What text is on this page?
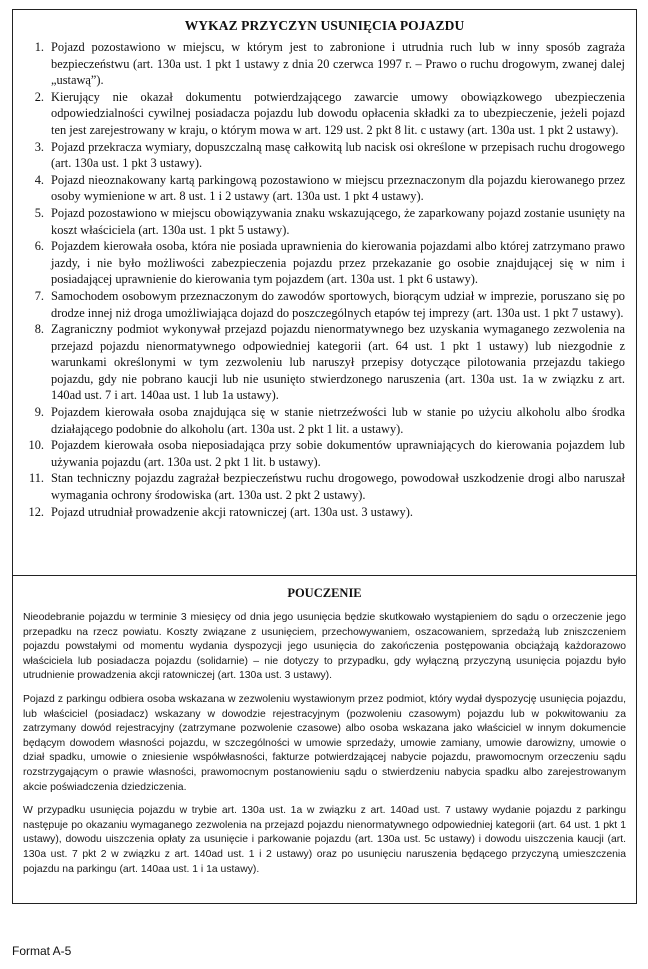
WYKAZ PRZYCZYN USUNIĘCIA POJAZDU
1. Pojazd pozostawiono w miejscu, w którym jest to zabronione i utrudnia ruch lub w inny sposób zagraża bezpieczeństwu (art. 130a ust. 1 pkt 1 ustawy z dnia 20 czerwca 1997 r. – Prawo o ruchu drogowym, zwanej dalej „ustawą”).
2. Kierujący nie okazał dokumentu potwierdzającego zawarcie umowy obowiązkowego ubezpieczenia odpowiedzialności cywilnej posiadacza pojazdu lub dowodu opłacenia składki za to ubezpieczenie, jeżeli pojazd ten jest zarejestrowany w kraju, o którym mowa w art. 129 ust. 2 pkt 8 lit. c ustawy (art. 130a ust. 1 pkt 2 ustawy).
3. Pojazd przekracza wymiary, dopuszczalną masę całkowitą lub nacisk osi określone w przepisach ruchu drogowego (art. 130a ust. 1 pkt 3 ustawy).
4. Pojazd nieoznakowany kartą parkingową pozostawiono w miejscu przeznaczonym dla pojazdu kierowanego przez osoby wymienione w art. 8 ust. 1 i 2 ustawy (art. 130a ust. 1 pkt 4 ustawy).
5. Pojazd pozostawiono w miejscu obowiązywania znaku wskazującego, że zaparkowany pojazd zostanie usunięty na koszt właściciela (art. 130a ust. 1 pkt 5 ustawy).
6. Pojazdem kierowała osoba, która nie posiada uprawnienia do kierowania pojazdami albo której zatrzymano prawo jazdy, i nie było możliwości zabezpieczenia pojazdu przez przekazanie go osobie znajdującej się w nim i posiadającej uprawnienie do kierowania tym pojazdem (art. 130a ust. 1 pkt 6 ustawy).
7. Samochodem osobowym przeznaczonym do zawodów sportowych, biorącym udział w imprezie, poruszano się po drodze innej niż droga umożliwiająca dojazd do poszczególnych etapów tej imprezy (art. 130a ust. 1 pkt 7 ustawy).
8. Zagraniczny podmiot wykonywał przejazd pojazdu nienormatywnego bez uzyskania wymaganego zezwolenia na przejazd pojazdu nienormatywnego odpowiedniej kategorii (art. 64 ust. 1 pkt 1 ustawy) lub niezgodnie z warunkami określonymi w tym zezwoleniu lub naruszył przepisy dotyczące pilotowania przejazdu takiego pojazdu, gdy nie pobrano kaucji lub nie usunięto stwierdzonego naruszenia (art. 130a ust. 1a w związku z art. 140ad ust. 7 i art. 140aa ust. 1 lub 1a ustawy).
9. Pojazdem kierowała osoba znajdująca się w stanie nietrzeźwości lub w stanie po użyciu alkoholu albo środka działającego podobnie do alkoholu (art. 130a ust. 2 pkt 1 lit. a ustawy).
10. Pojazdem kierowała osoba nieposiadająca przy sobie dokumentów uprawniających do kierowania pojazdem lub używania pojazdu (art. 130a ust. 2 pkt 1 lit. b ustawy).
11. Stan techniczny pojazdu zagrażał bezpieczeństwu ruchu drogowego, powodował uszkodzenie drogi albo naruszał wymagania ochrony środowiska (art. 130a ust. 2 pkt 2 ustawy).
12. Pojazd utrudniał prowadzenie akcji ratowniczej (art. 130a ust. 3 ustawy).
POUCZENIE

Nieodebranie pojazdu w terminie 3 miesięcy od dnia jego usunięcia będzie skutkowało wystąpieniem do sądu o orzeczenie jego przepadku na rzecz powiatu. Koszty związane z usunięciem, przechowywaniem, oszacowaniem, sprzedażą lub zniszczeniem pojazdu powstałymi od momentu wydania dyspozycji jego usunięcia do zakończenia postępowania obciążają każdorazowo właściciela lub posiadacza pojazdu (solidarnie) – nie dotyczy to przypadku, gdy wyłączną przyczyną usunięcia pojazdu było utrudnienie prowadzenia akcji ratowniczej (art. 130a ust. 3 ustawy).

Pojazd z parkingu odbiera osoba wskazana w zezwoleniu wystawionym przez podmiot, który wydał dyspozycję usunięcia pojazdu, lub właściciel (posiadacz) wskazany w dowodzie rejestracyjnym (pozwoleniu czasowym) pojazdu lub w pokwitowaniu za zatrzymany dowód rejestracyjny (zatrzymane pozwolenie czasowe) albo osoba wskazana jako właściciel w innym dokumencie będącym dowodem własności pojazdu, w szczególności w umowie sprzedaży, umowie zamiany, umowie darowizny, umowie o dział spadku, umowie o zniesienie współwłasności, fakturze potwierdzającej nabycie pojazdu, prawomocnym orzeczeniu sądu rozstrzygającym o prawie własności, prawomocnym postanowieniu sądu o stwierdzeniu nabycia spadku albo zarejestrowanym akcie poświadczenia dziedziczenia.

W przypadku usunięcia pojazdu w trybie art. 130a ust. 1a w związku z art. 140ad ust. 7 ustawy wydanie pojazdu z parkingu następuje po okazaniu wymaganego zezwolenia na przejazd pojazdu nienormatywnego odpowiedniej kategorii (art. 64 ust. 1 pkt 1 ustawy), dowodu uiszczenia opłaty za usunięcie i parkowanie pojazdu (art. 130a ust. 5c ustawy) i dowodu uiszczenia kaucji (art. 130a ust. 7 pkt 2 w związku z art. 140ad ust. 1 i 2 ustawy) oraz po usunięciu naruszenia będącego przyczyną umieszczenia pojazdu na parkingu (art. 140aa ust. 1 i 1a ustawy).

Format A-5
